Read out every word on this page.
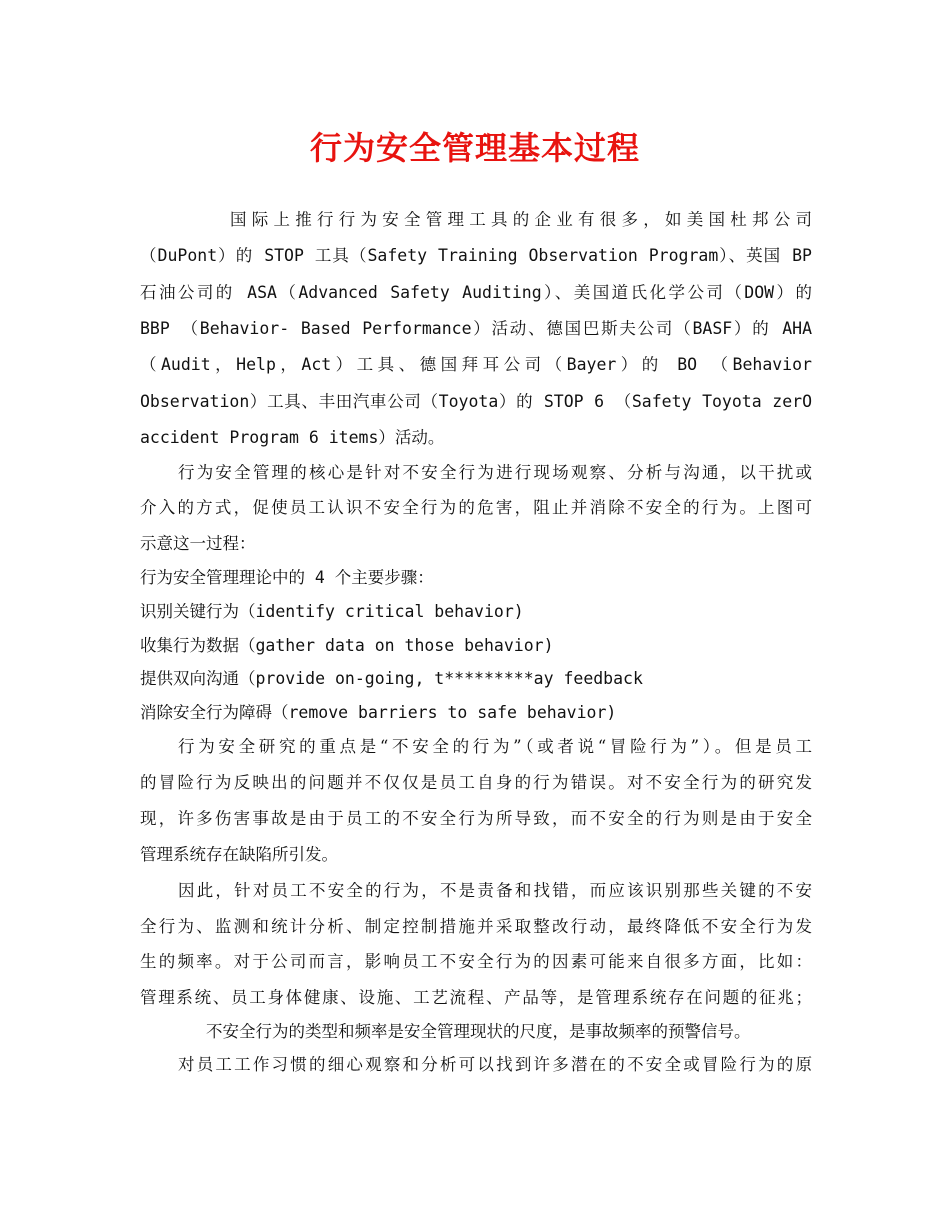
行为安全管理基本过程
国际上推行行为安全管理工具的企业有很多，如美国杜邦公司
（DuPont）的 STOP 工具（Safety Training Observation Program）、英国 BP
石油公司的 ASA（Advanced Safety Auditing）、美国道氏化学公司（DOW）的
BBP （Behavior- Based Performance）活动、德国巴斯夫公司（BASF）的 AHA
（Audit，Help，Act）工具、德国拜耳公司（Bayer）的 BO （Behavior
Observation）工具、丰田汽車公司（Toyota）的 STOP 6 （Safety Toyota zerO
accident Program 6 items）活动。
行为安全管理的核心是针对不安全行为进行现场观察、分析与沟通，以干扰或
介入的方式，促使员工认识不安全行为的危害，阻止并消除不安全的行为。上图可
示意这一过程：
行为安全管理理论中的 4 个主要步骤：
识别关键行为（identify critical behavior)
收集行为数据（gather data on those behavior)
提供双向沟通（provide on-going, t*********ay feedback
消除安全行为障碍（remove barriers to safe behavior)
行为安全研究的重点是“不安全的行为”（或者说“冒险行为”）。但是员工
的冒险行为反映出的问题并不仅仅是员工自身的行为错误。对不安全行为的研究发
现，许多伤害事故是由于员工的不安全行为所导致，而不安全的行为则是由于安全
管理系统存在缺陷所引发。
因此，针对员工不安全的行为，不是责备和找错，而应该识别那些关键的不安
全行为、监测和统计分析、制定控制措施并采取整改行动，最终降低不安全行为发
生的频率。对于公司而言，影响员工不安全行为的因素可能来自很多方面，比如：
管理系统、员工身体健康、设施、工艺流程、产品等，是管理系统存在问题的征兆；
不安全行为的类型和频率是安全管理现状的尺度，是事故频率的预警信号。
对员工工作习惯的细心观察和分析可以找到许多潜在的不安全或冒险行为的原
